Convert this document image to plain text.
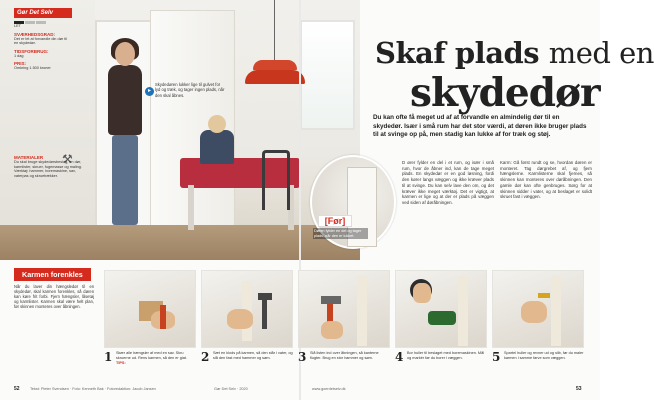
▸
Skydedøren lukker lige til gulvet for lyd og træk, og tager ingen plads, når den skal åbnes.
Gør Det Selv
LET
SVÆRHEDSGRAD:
Det er let at forvandle din dør til en skydedør.
TIDSFORBRUG:
1 dag
PRIS:
Omkring 1.500 kroner
⚒
MATERIALER
Du skal bruge skydedørsbeslag, en dør, karmlister, skruer, fugemasse og maling. Værktøj: hammer, boremaskine, sav, vaterpas og skruetrækker.
Skaf plads med en
skydedør
Du kan ofte få meget ud af at forvandle en almindelig dør til en skydedør. Især i små rum har det stor værdi, at døren ikke bruger plads til at svinge op på, men stadig kan lukke af for træk og støj.
[Før]
Døren fylder en del og tager plads, når den er lukket.
D ører fylder en del i et rum, og især i små rum, hvor de åbner ind, kan de tage meget plads. En skydedør er en god løsning, fordi den kører langs væggen og ikke kræver plads til at svinge. Du kan selv lave den om, og det kræver ikke meget værktøj. Det er vigtigt, at karmen er lige og at der er plads på væggen ved siden af døråbningen.
Karm: Gå først rundt og se, hvordan døren er monteret. Tag dørgrebet af, og fjern hængslerne. Karmlisterne skal fjernes, så skinnen kan monteres over døråbningen. Den gamle dør kan ofte genbruges. Sørg for at skinnen sidder i vater, og at beslaget er solidt skruet fast i væggen.
Karmen forenkles
Når du laver din hængsledør til en skydedør, skal karmen forenkles, så døren kan køre frit forbi. Fjern hængsler, låsetøj og karmlister. Karmen skal være helt plan, før skinnen monteres over åbningen.
1 Skær alle hængsler af med en sav. Skru skruerne ud. Rens karmen, så den er glat. TIPS:	2 Sæt en klods på karmen, så den står i vater, og slå den fast med hammer og søm.	3 Slå listen ind over åbningen, så kanterne flugter. Brug en stor hammer og søm.	4 Bor huller til beslaget med boremaskinen. Mål og markér før du borer i væggen.	5 Spartel huller og revner ud og slib, før du maler karmen i samme farve som væggen.
52	Tekst: Pieter Svendsen · Foto: Kenneth Bak · Fotoredaktion: Jacob Jansen	Gør Det Selv · 2020	www.goerdetselv.dk	53
